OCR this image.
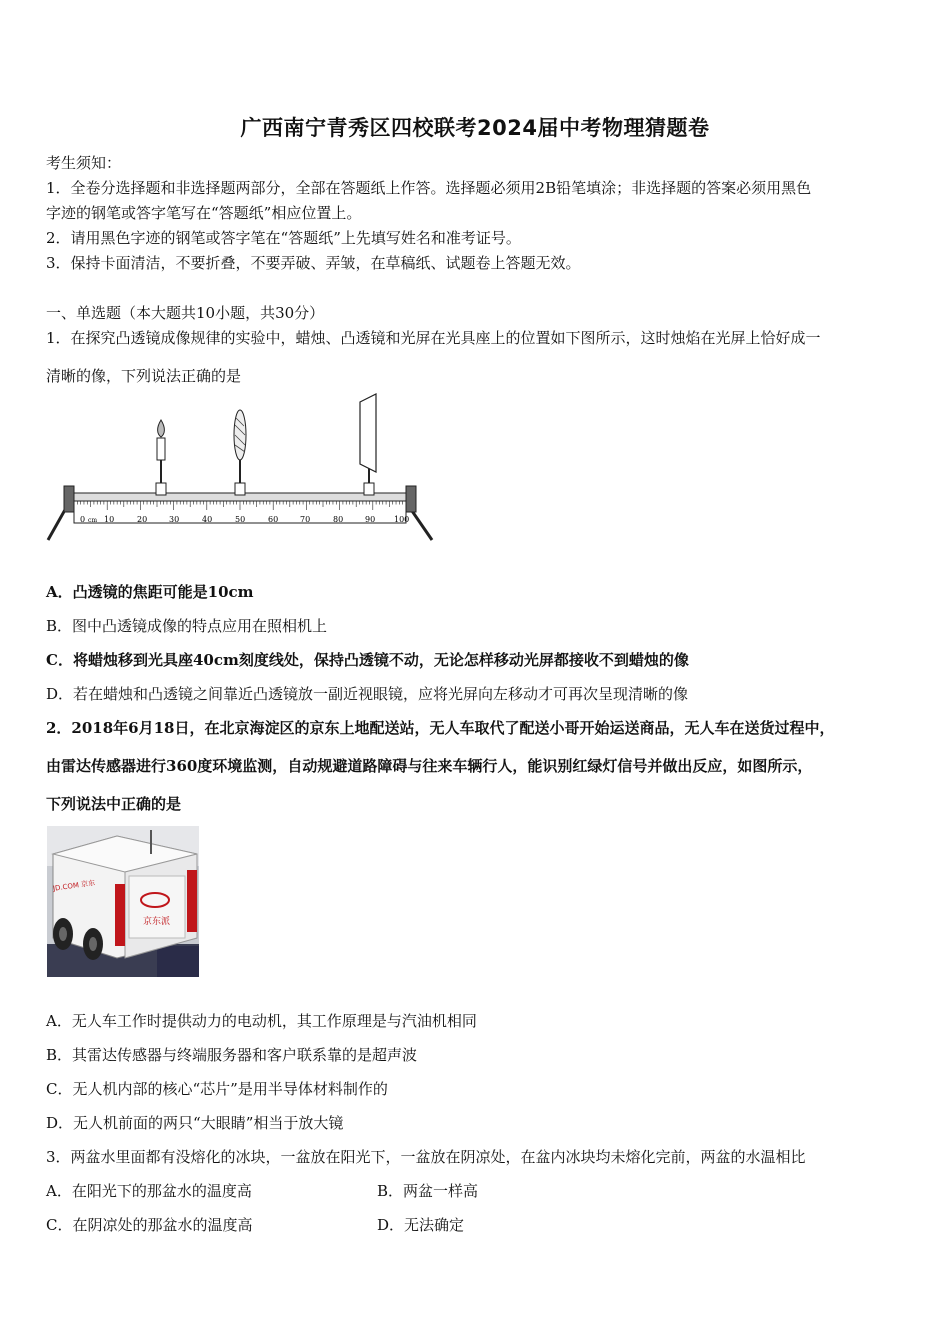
广西南宁青秀区四校联考2024届中考物理猜题卷
考生须知：
1．全卷分选择题和非选择题两部分，全部在答题纸上作答。选择题必须用2B铅笔填涂；非选择题的答案必须用黑色
字迹的钢笔或答字笔写在“答题纸”相应位置上。
2．请用黑色字迹的钢笔或答字笔在“答题纸”上先填写姓名和准考证号。
3．保持卡面清洁，不要折叠，不要弄破、弄皱，在草稿纸、试题卷上答题无效。
一、单选题（本大题共10小题，共30分）
1．在探究凸透镜成像规律的实验中，蜡烛、凸透镜和光屏在光具座上的位置如下图所示，这时烛焰在光屏上恰好成一
清晰的像，下列说法正确的是
0 cm 10	20	30	40	50	60	70	80	90 100
A．凸透镜的焦距可能是10cm
B．图中凸透镜成像的特点应用在照相机上
C．将蜡烛移到光具座40cm刻度线处，保持凸透镜不动，无论怎样移动光屏都接收不到蜡烛的像
D．若在蜡烛和凸透镜之间靠近凸透镜放一副近视眼镜，应将光屏向左移动才可再次呈现清晰的像
2．2018年6月18日，在北京海淀区的京东上地配送站，无人车取代了配送小哥开始运送商品，无人车在送货过程中，
由雷达传感器进行360度环境监测，自动规避道路障碍与往来车辆行人，能识别红绿灯信号并做出反应，如图所示，
下列说法中正确的是
京东派
JD.COM 京东
A．无人车工作时提供动力的电动机，其工作原理是与汽油机相同
B．其雷达传感器与终端服务器和客户联系靠的是超声波
C．无人机内部的核心“芯片”是用半导体材料制作的
D．无人机前面的两只“大眼睛”相当于放大镜
3．两盆水里面都有没熔化的冰块，一盆放在阳光下，一盆放在阴凉处，在盆内冰块均未熔化完前，两盆的水温相比
A．在阳光下的那盆水的温度高	B．两盆一样高
C．在阴凉处的那盆水的温度高	D．无法确定
